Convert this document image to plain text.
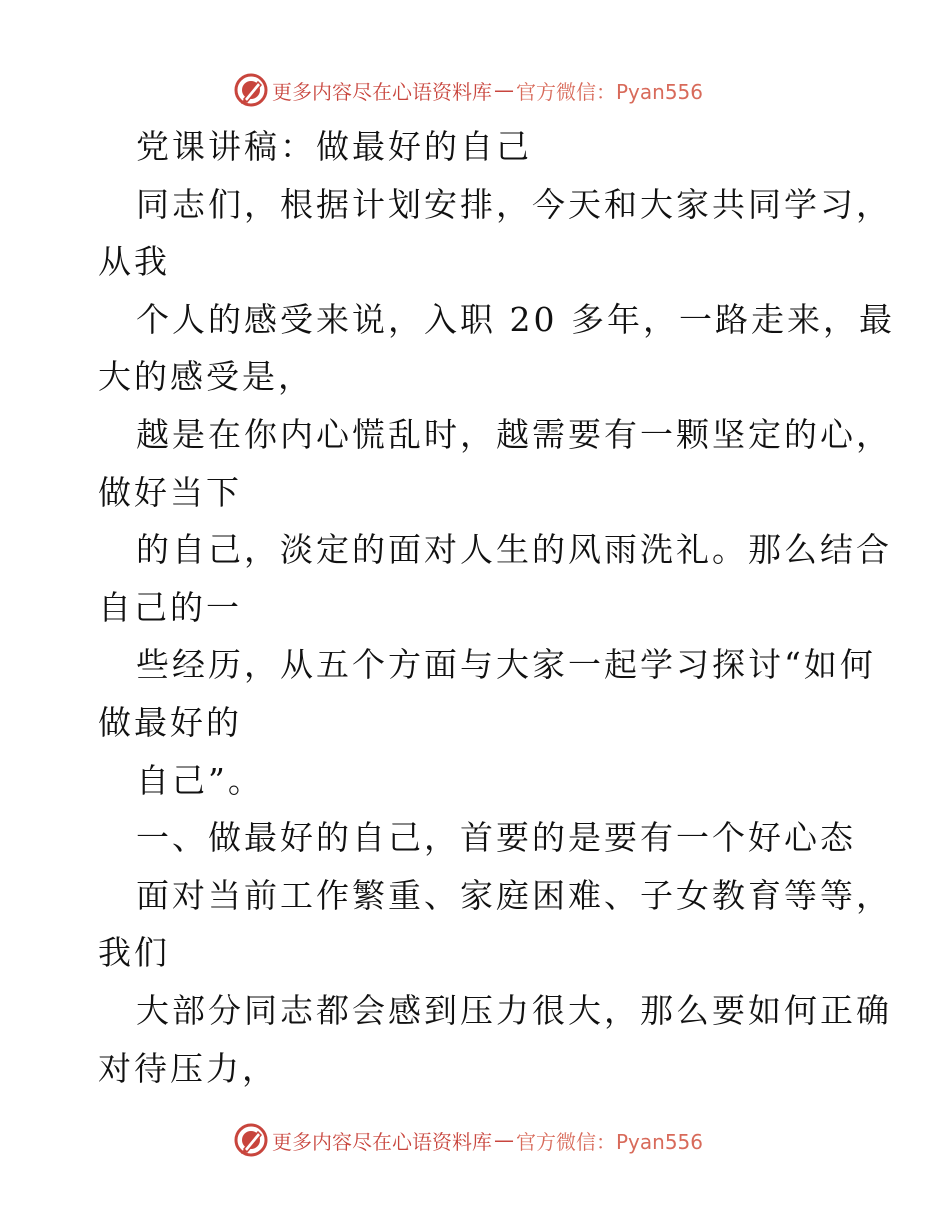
更多内容尽在心语资料库 — 官方微信：Pyan556
党课讲稿：做最好的自己
同志们，根据计划安排，今天和大家共同学习，
从我
个人的感受来说，入职 20 多年，一路走来，最
大的感受是，
越是在你内心慌乱时，越需要有一颗坚定的心，
做好当下
的自己，淡定的面对人生的风雨洗礼。那么结合
自己的一
些经历，从五个方面与大家一起学习探讨“如何
做最好的
自己”。
一、做最好的自己，首要的是要有一个好心态
面对当前工作繁重、家庭困难、子女教育等等，
我们
大部分同志都会感到压力很大，那么要如何正确
对待压力，
更多内容尽在心语资料库 — 官方微信：Pyan556
